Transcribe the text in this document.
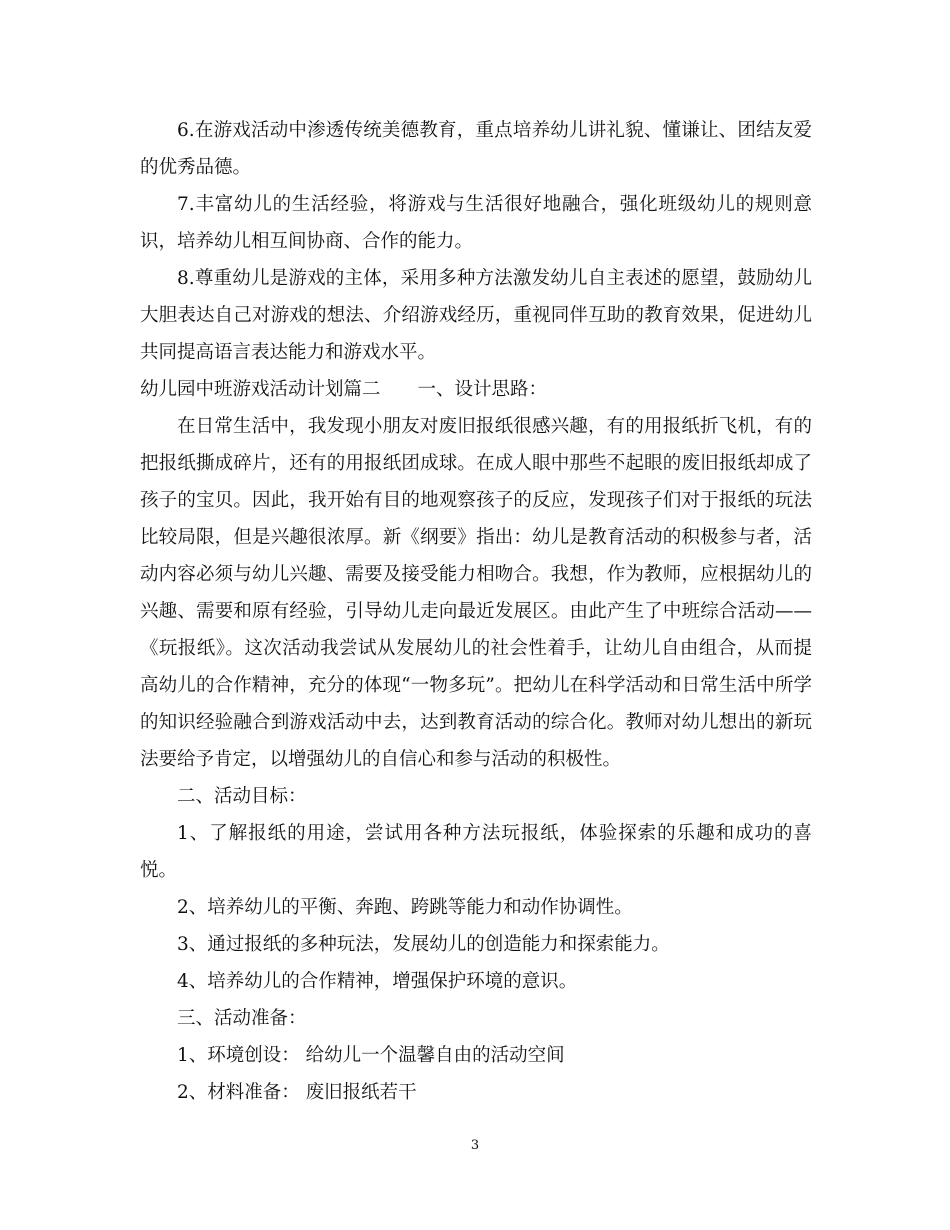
6.在游戏活动中渗透传统美德教育，重点培养幼儿讲礼貌、懂谦让、团结友爱的优秀品德。

7.丰富幼儿的生活经验，将游戏与生活很好地融合，强化班级幼儿的规则意识，培养幼儿相互间协商、合作的能力。

8.尊重幼儿是游戏的主体，采用多种方法激发幼儿自主表述的愿望，鼓励幼儿大胆表达自己对游戏的想法、介绍游戏经历，重视同伴互助的教育效果，促进幼儿共同提高语言表达能力和游戏水平。

幼儿园中班游戏活动计划篇二　　一、设计思路：

在日常生活中，我发现小朋友对废旧报纸很感兴趣，有的用报纸折飞机，有的把报纸撕成碎片，还有的用报纸团成球。在成人眼中那些不起眼的废旧报纸却成了孩子的宝贝。因此，我开始有目的地观察孩子的反应，发现孩子们对于报纸的玩法比较局限，但是兴趣很浓厚。新《纲要》指出：幼儿是教育活动的积极参与者，活动内容必须与幼儿兴趣、需要及接受能力相吻合。我想，作为教师，应根据幼儿的兴趣、需要和原有经验，引导幼儿走向最近发展区。由此产生了中班综合活动——《玩报纸》。这次活动我尝试从发展幼儿的社会性着手，让幼儿自由组合，从而提高幼儿的合作精神，充分的体现“一物多玩”。把幼儿在科学活动和日常生活中所学的知识经验融合到游戏活动中去，达到教育活动的综合化。教师对幼儿想出的新玩法要给予肯定，以增强幼儿的自信心和参与活动的积极性。

二、活动目标：

1、了解报纸的用途，尝试用各种方法玩报纸，体验探索的乐趣和成功的喜悦。

2、培养幼儿的平衡、奔跑、跨跳等能力和动作协调性。

3、通过报纸的多种玩法，发展幼儿的创造能力和探索能力。

4、培养幼儿的合作精神，增强保护环境的意识。

三、活动准备：

1、环境创设： 给幼儿一个温馨自由的活动空间

2、材料准备： 废旧报纸若干

3
